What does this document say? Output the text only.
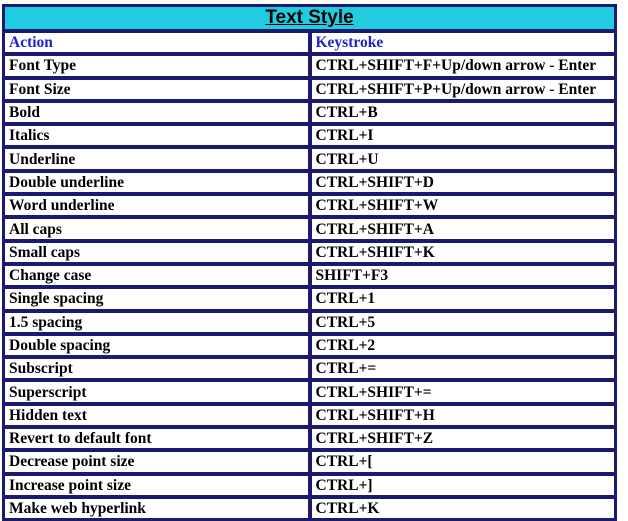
Text Style	
Action	Keystroke
Font Type	CTRL+SHIFT+F+Up/down arrow - Enter
Font Size	CTRL+SHIFT+P+Up/down arrow - Enter
Bold	CTRL+B
Italics	CTRL+I
Underline	CTRL+U
Double underline	CTRL+SHIFT+D
Word underline	CTRL+SHIFT+W
All caps	CTRL+SHIFT+A
Small caps	CTRL+SHIFT+K
Change case	SHIFT+F3
Single spacing	CTRL+1
1.5 spacing	CTRL+5
Double spacing	CTRL+2
Subscript	CTRL+=
Superscript	CTRL+SHIFT+=
Hidden text	CTRL+SHIFT+H
Revert to default font	CTRL+SHIFT+Z
Decrease point size	CTRL+[
Increase point size	CTRL+]
Make web hyperlink	CTRL+K
